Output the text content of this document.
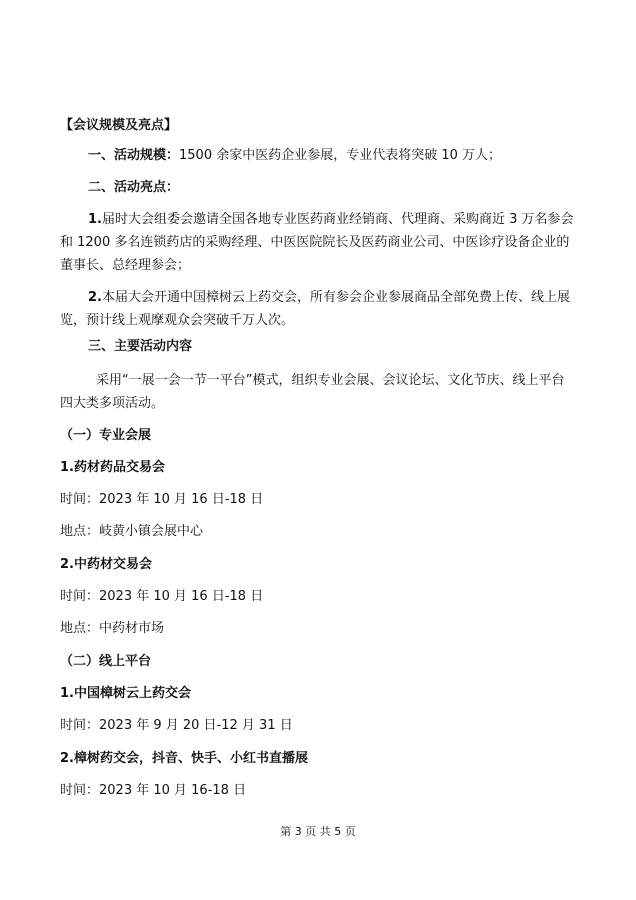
【会议规模及亮点】
一、活动规模：1500 余家中医药企业参展，专业代表将突破 10 万人；
二、活动亮点：
1.届时大会组委会邀请全国各地专业医药商业经销商、代理商、采购商近 3 万名参会和 1200 多名连锁药店的采购经理、中医医院院长及医药商业公司、中医诊疗设备企业的董事长、总经理参会；
2.本届大会开通中国樟树云上药交会，所有参会企业参展商品全部免费上传、线上展览，预计线上观摩观众会突破千万人次。
三、主要活动内容
采用“一展一会一节一平台”模式，组织专业会展、会议论坛、文化节庆、线上平台四大类多项活动。
（一）专业会展
1.药材药品交易会
时间：2023 年 10 月 16 日-18 日
地点：岐黄小镇会展中心
2.中药材交易会
时间：2023 年 10 月 16 日-18 日
地点：中药材市场
（二）线上平台
1.中国樟树云上药交会
时间：2023 年 9 月 20 日-12 月 31 日
2.樟树药交会，抖音、快手、小红书直播展
时间：2023 年 10 月 16-18 日
第 3 页 共 5 页
